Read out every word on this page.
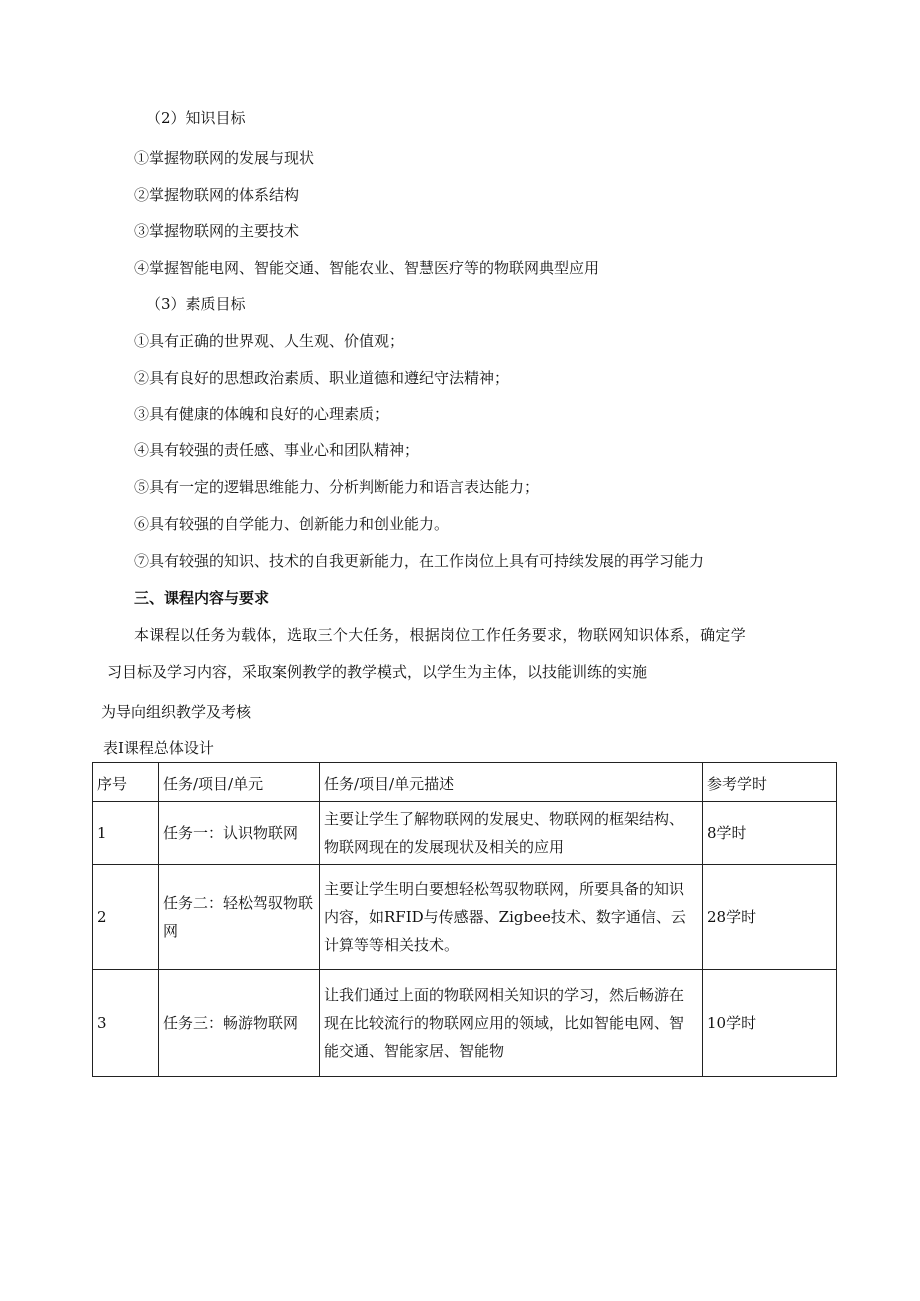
（2）知识目标
①掌握物联网的发展与现状
②掌握物联网的体系结构
③掌握物联网的主要技术
④掌握智能电网、智能交通、智能农业、智慧医疗等的物联网典型应用
（3）素质目标
①具有正确的世界观、人生观、价值观；
②具有良好的思想政治素质、职业道德和遵纪守法精神；
③具有健康的体魄和良好的心理素质；
④具有较强的责任感、事业心和团队精神；
⑤具有一定的逻辑思维能力、分析判断能力和语言表达能力；
⑥具有较强的自学能力、创新能力和创业能力。
⑦具有较强的知识、技术的自我更新能力，在工作岗位上具有可持续发展的再学习能力
三、课程内容与要求
本课程以任务为载体，选取三个大任务，根据岗位工作任务要求，物联网知识体系，确定学
习目标及学习内容，采取案例教学的教学模式，以学生为主体，以技能训练的实施
为导向组织教学及考核
表I课程总体设计
序号	任务/项目/单元	任务/项目/单元描述	参考学时
1	任务一：认识物联网	主要让学生了解物联网的发展史、物联网的框架结构、物联网现在的发展现状及相关的应用	8学时
2	任务二：轻松驾驭物联网	主要让学生明白要想轻松驾驭物联网，所要具备的知识内容，如RFID与传感器、Zigbee技术、数字通信、云计算等等相关技术。	28学时
3	任务三：畅游物联网	让我们通过上面的物联网相关知识的学习，然后畅游在现在比较流行的物联网应用的领域，比如智能电网、智能交通、智能家居、智能物	10学时
